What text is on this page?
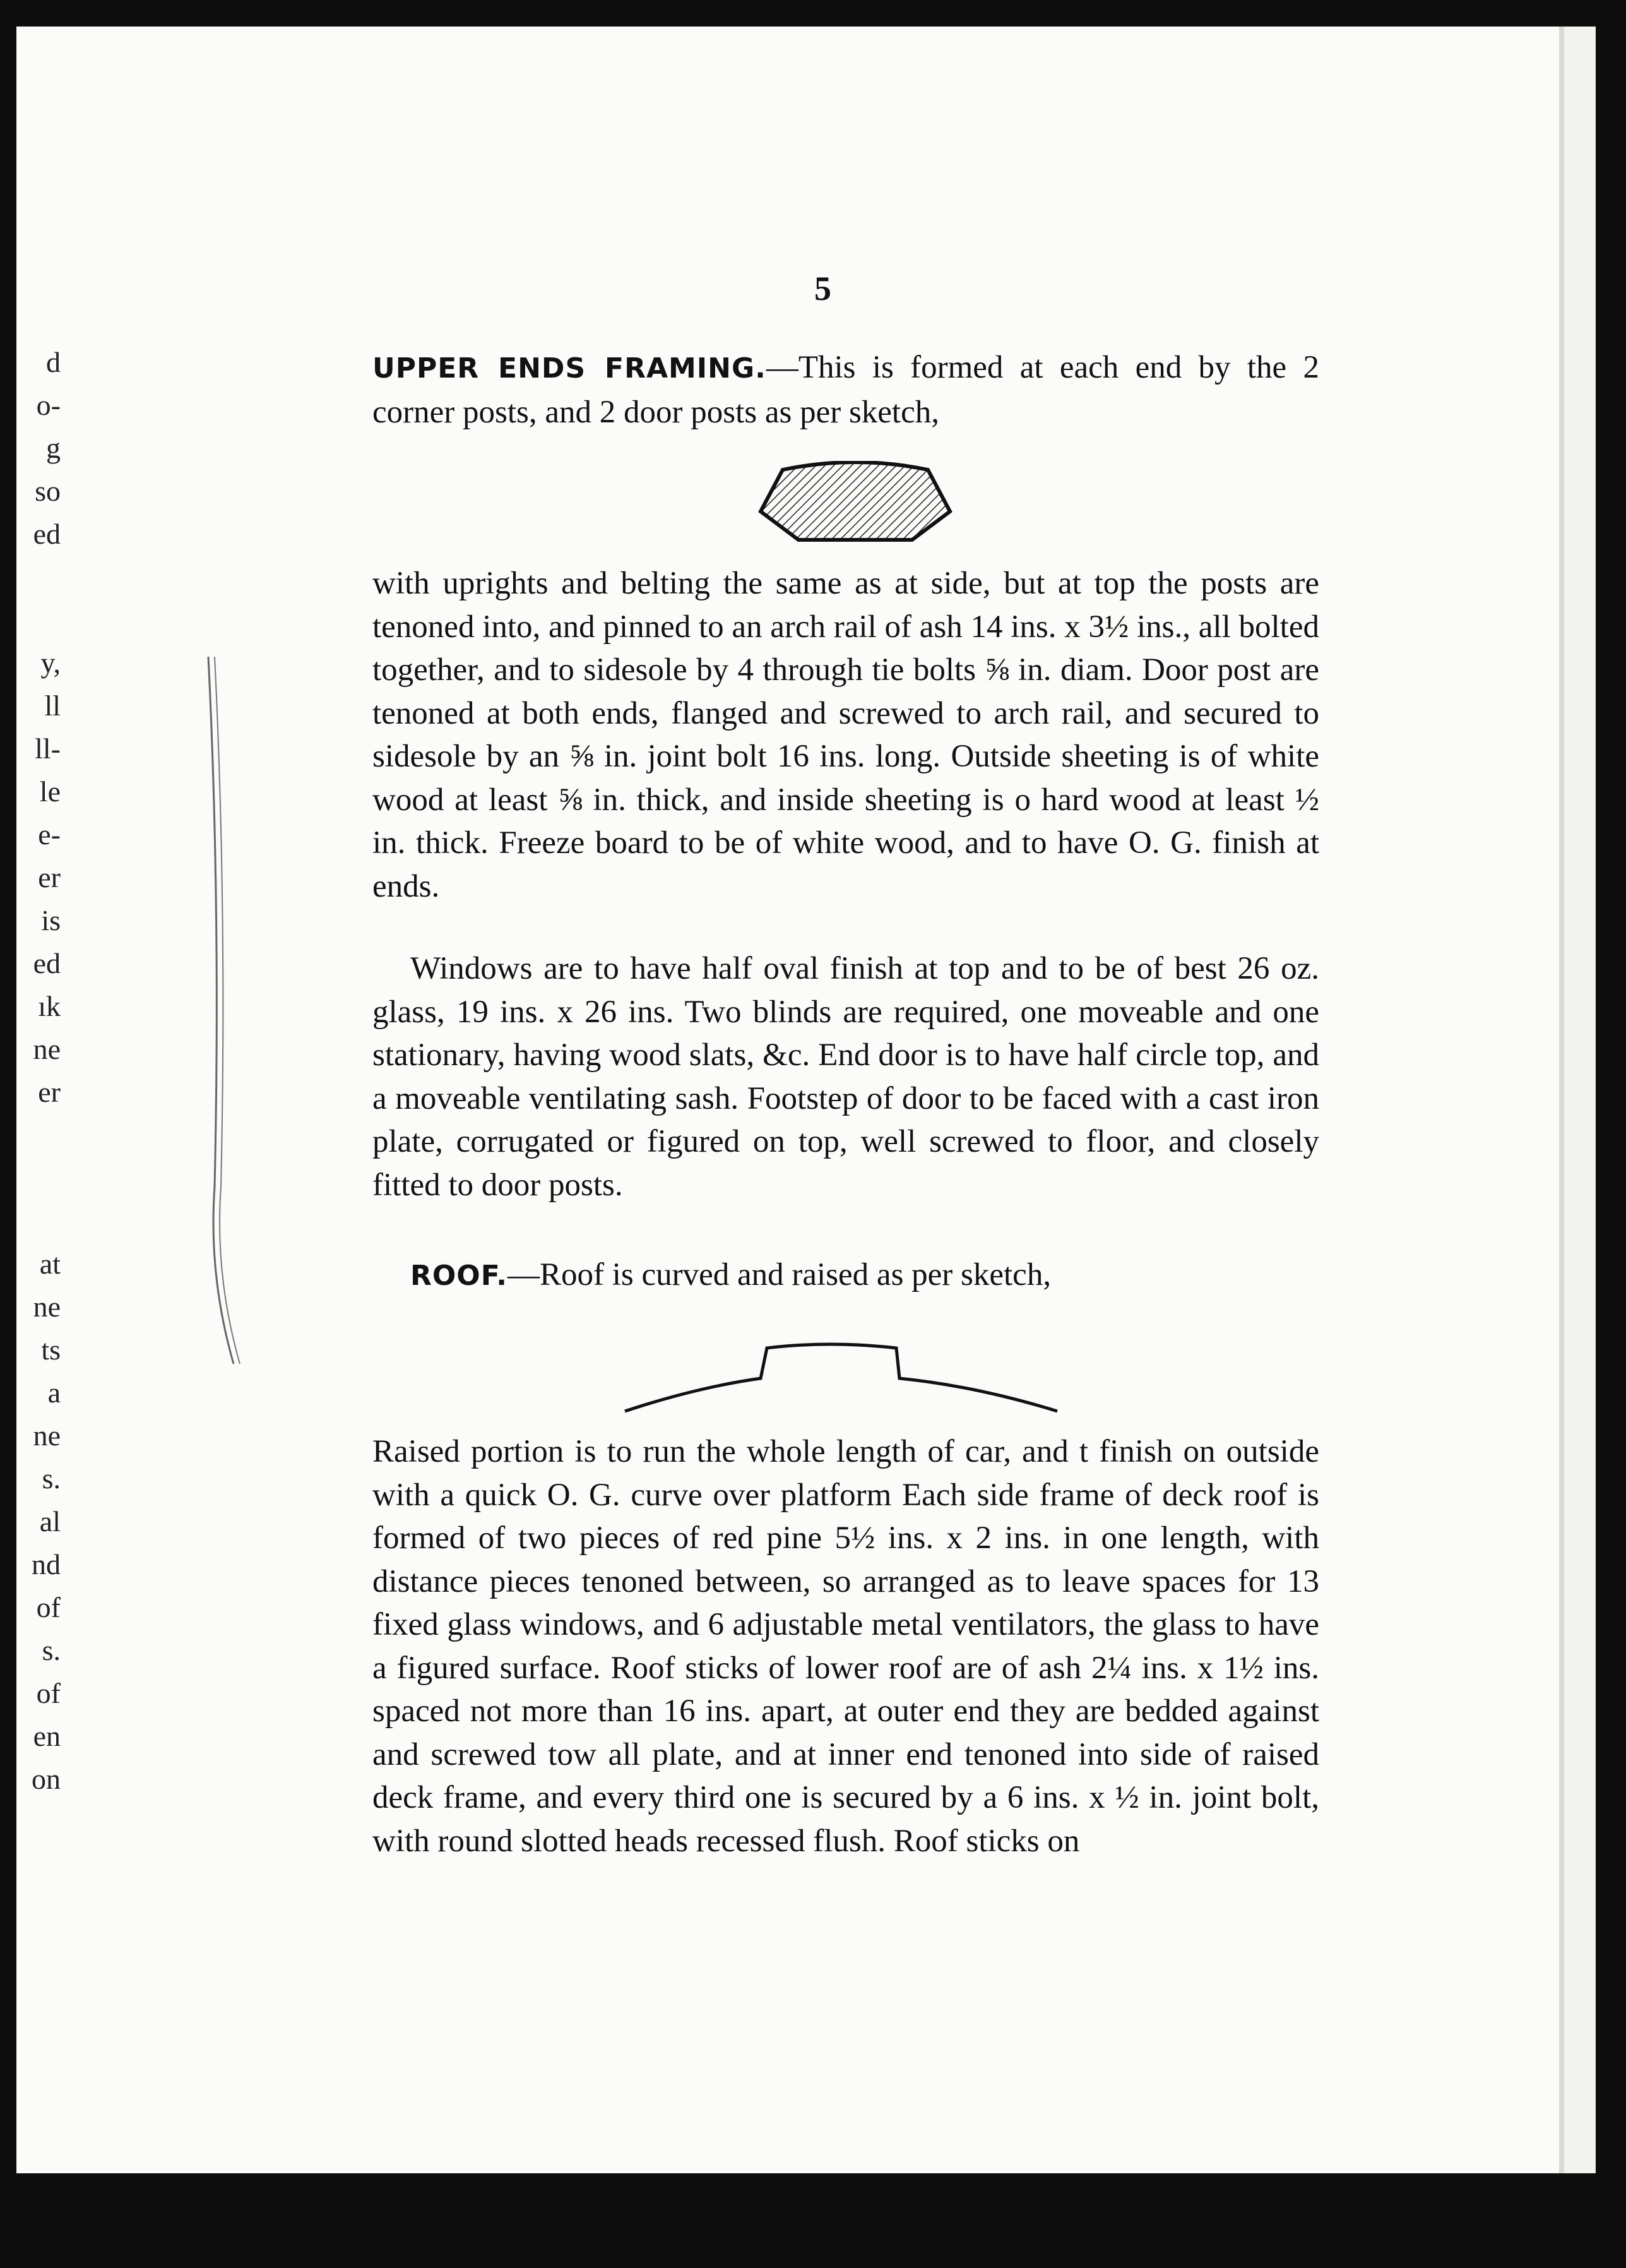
d
o-
g
so
ed
y,
ll
ll-
le
e-
er
is
ed
ık
ne
er
at
ne
ts
a
ne
s.
al
nd
of
s.
of
en
on
5
UPPER ENDS FRAMING.—This is formed at each end by the 2 corner posts, and 2 door posts as per sketch,
with uprights and belting the same as at side, but at top the posts are tenoned into, and pinned to an arch rail of ash 14 ins. x 3½ ins., all bolted together, and to sidesole by 4 through tie bolts ⅝ in. diam. Door post are tenoned at both ends, flanged and screwed to arch rail, and secured to sidesole by an ⅝ in. joint bolt 16 ins. long. Outside sheeting is of white wood at least ⅝ in. thick, and inside sheeting is o hard wood at least ½ in. thick. Freeze board to be of white wood, and to have O. G. finish at ends.
Windows are to have half oval finish at top and to be of best 26 oz. glass, 19 ins. x 26 ins. Two blinds are required, one moveable and one stationary, having wood slats, &c. End door is to have half circle top, and a moveable ventilating sash. Footstep of door to be faced with a cast iron plate, corrugated or figured on top, well screwed to floor, and closely fitted to door posts.
ROOF.—Roof is curved and raised as per sketch,
Raised portion is to run the whole length of car, and t finish on outside with a quick O. G. curve over platform Each side frame of deck roof is formed of two pieces of red pine 5½ ins. x 2 ins. in one length, with distance pieces tenoned between, so arranged as to leave spaces for 13 fixed glass windows, and 6 adjustable metal ventilators, the glass to have a figured surface. Roof sticks of lower roof are of ash 2¼ ins. x 1½ ins. spaced not more than 16 ins. apart, at outer end they are bedded against and screwed tow all plate, and at inner end tenoned into side of raised deck frame, and every third one is secured by a 6 ins. x ½ in. joint bolt, with round slotted heads recessed flush. Roof sticks on
